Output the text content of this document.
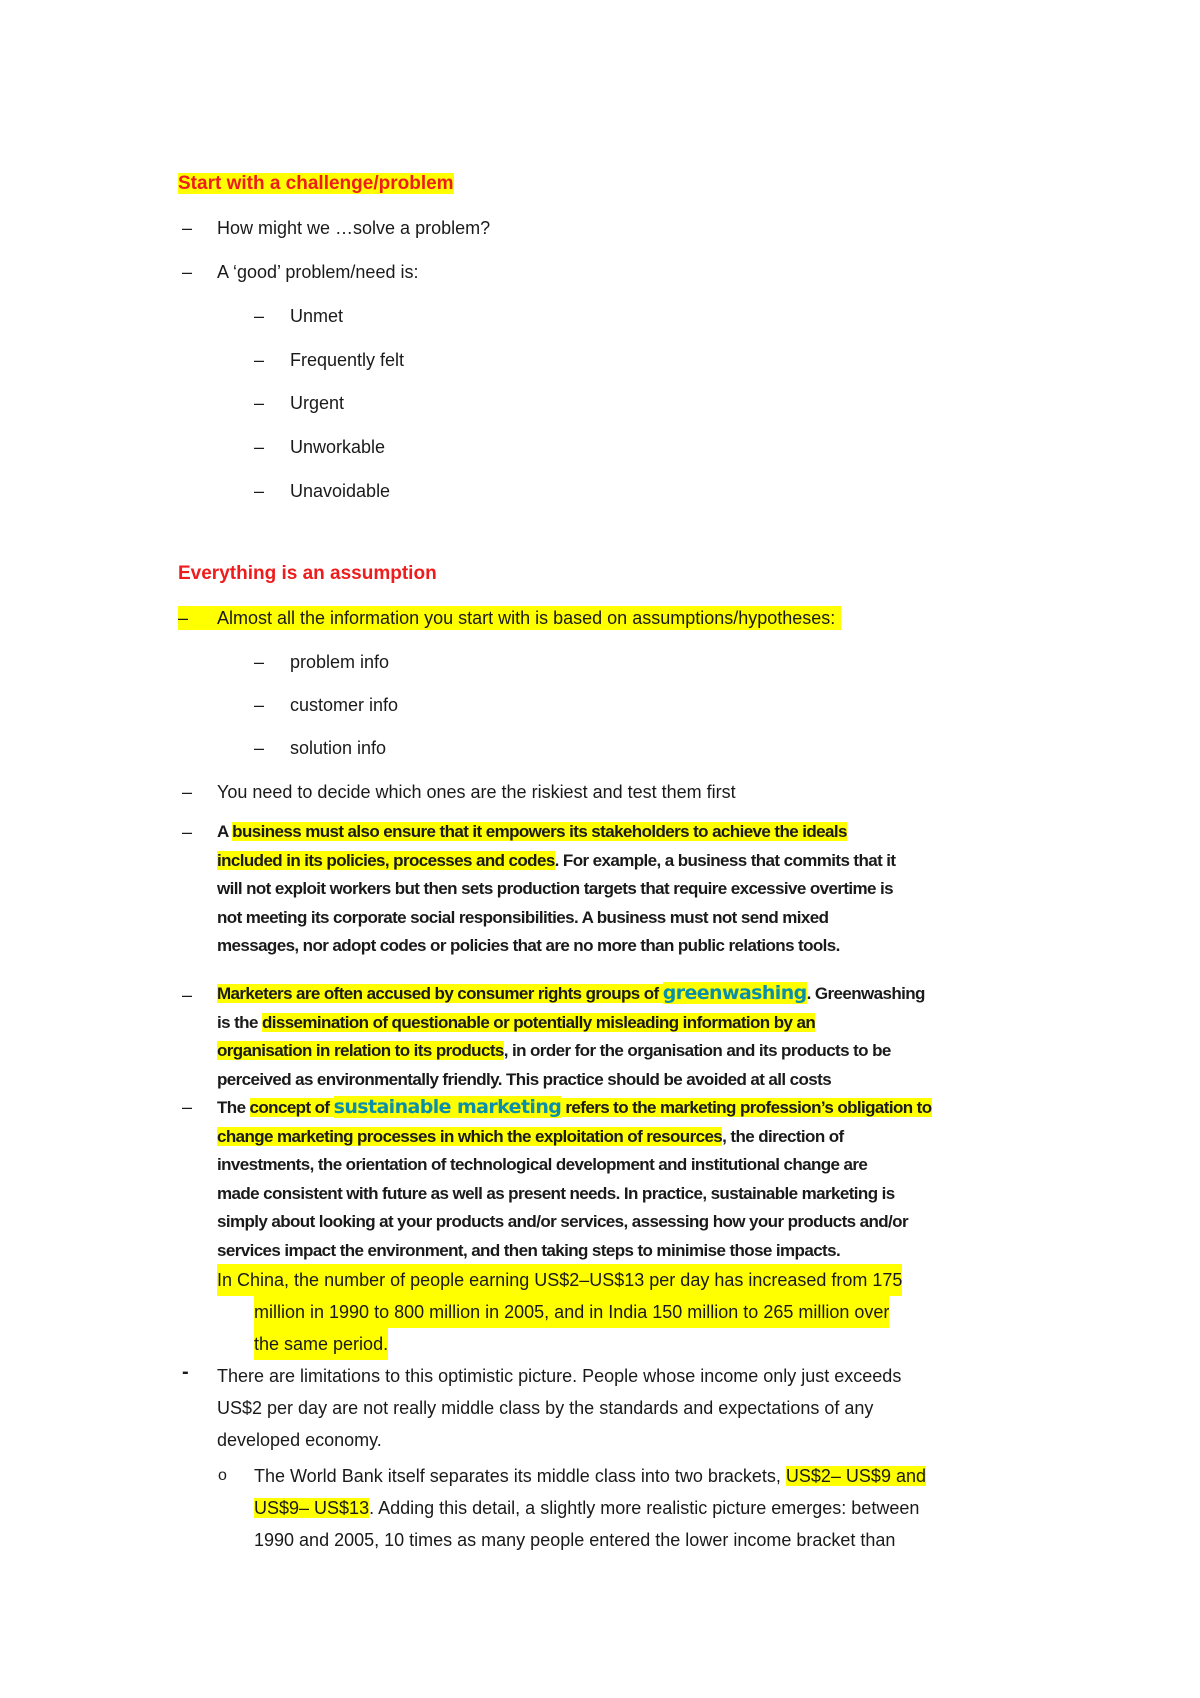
Start with a challenge/problem
– How might we …solve a problem?
– A ‘good’ problem/need is:
– Unmet
– Frequently felt
– Urgent
– Unworkable
– Unavoidable
Everything is an assumption
– Almost all the information you start with is based on assumptions/hypotheses:
– problem info
– customer info
– solution info
– You need to decide which ones are the riskiest and test them first
– A business must also ensure that it empowers its stakeholders to achieve the ideals
included in its policies, processes and codes. For example, a business that commits that it
will not exploit workers but then sets production targets that require excessive overtime is
not meeting its corporate social responsibilities. A business must not send mixed
messages, nor adopt codes or policies that are no more than public relations tools.
– Marketers are often accused by consumer rights groups of greenwashing. Greenwashing
is the dissemination of questionable or potentially misleading information by an
organisation in relation to its products, in order for the organisation and its products to be
perceived as environmentally friendly. This practice should be avoided at all costs
– The concept of sustainable marketing refers to the marketing profession’s obligation to
change marketing processes in which the exploitation of resources, the direction of
investments, the orientation of technological development and institutional change are
made consistent with future as well as present needs. In practice, sustainable marketing is
simply about looking at your products and/or services, assessing how your products and/or
services impact the environment, and then taking steps to minimise those impacts.
In China, the number of people earning US$2–US$13 per day has increased from 175
million in 1990 to 800 million in 2005, and in India 150 million to 265 million over
the same period.
- There are limitations to this optimistic picture. People whose income only just exceeds
US$2 per day are not really middle class by the standards and expectations of any
developed economy.
o The World Bank itself separates its middle class into two brackets, US$2– US$9 and
US$9– US$13. Adding this detail, a slightly more realistic picture emerges: between
1990 and 2005, 10 times as many people entered the lower income bracket than
